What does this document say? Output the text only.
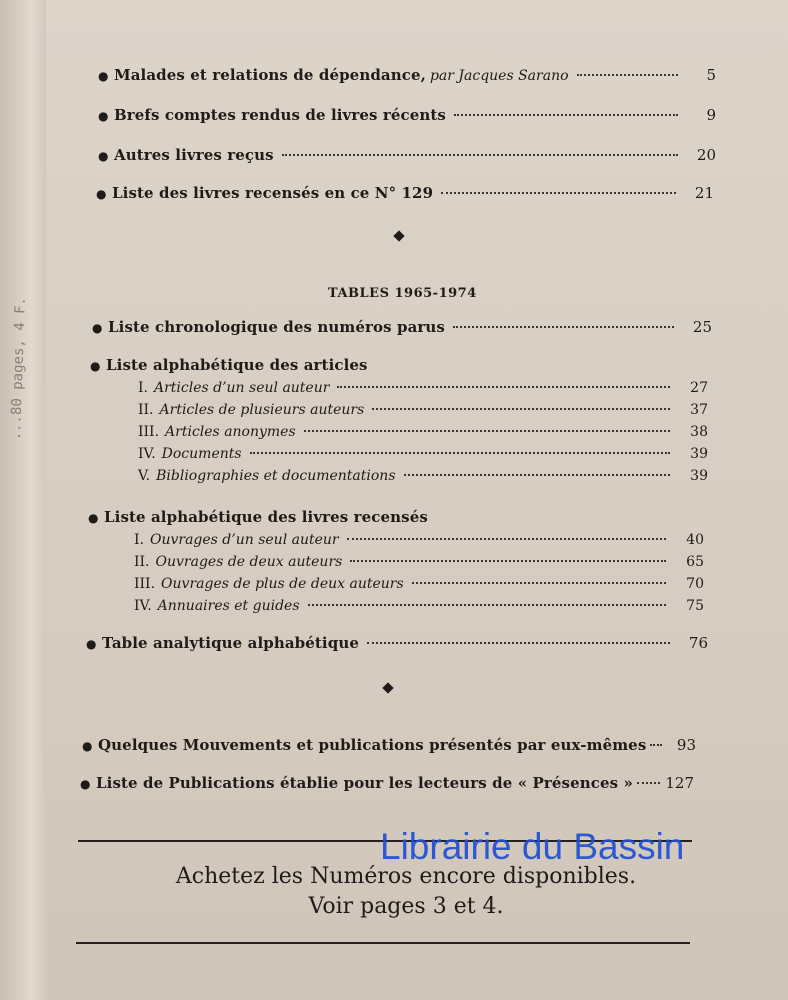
...80 pages, 4 F.
● Malades et relations de dépendance, par Jacques Sarano	5
● Brefs comptes rendus de livres récents	9
● Autres livres reçus	20
● Liste des livres recensés en ce N° 129	21
TABLES 1965-1974
● Liste chronologique des numéros parus	25
● Liste alphabétique des articles
I. Articles d’un seul auteur	27
II. Articles de plusieurs auteurs	37
III. Articles anonymes	38
IV. Documents	39
V. Bibliographies et documentations	39
● Liste alphabétique des livres recensés
I. Ouvrages d’un seul auteur	40
II. Ouvrages de deux auteurs	65
III. Ouvrages de plus de deux auteurs	70
IV. Annuaires et guides	75
● Table analytique alphabétique	76
● Quelques Mouvements et publications présentés par eux-mêmes	93
● Liste de Publications établie pour les lecteurs de « Présences » 127
Achetez les Numéros encore disponibles.
Voir pages 3 et 4.
Librairie du Bassin
